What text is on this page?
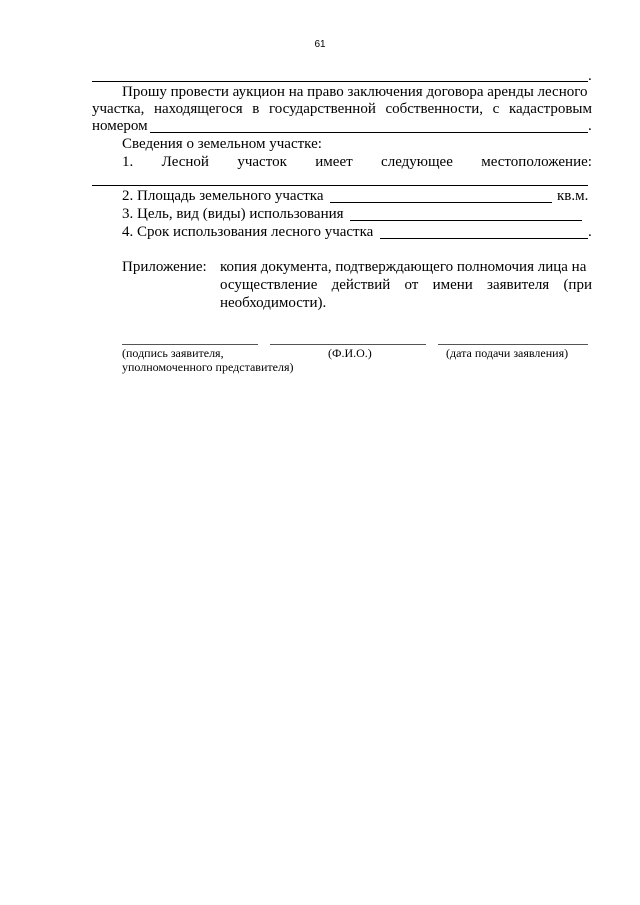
61
.
Прошу провести аукцион на право заключения договора аренды лесного
участка, находящегося в государственной собственности, с кадастровым
номером	.
Сведения о земельном участке:
1. Лесной участок имеет следующее местоположение:
2. Площадь земельного участка	кв.м.
3. Цель, вид (виды) использования
4. Срок использования лесного участка	.
Приложение: копия документа, подтверждающего полномочия лица на
осуществление действий от имени заявителя (при
необходимости).
(подпись заявителя,
уполномоченного представителя)
(Ф.И.О.)	(дата подачи заявления)
